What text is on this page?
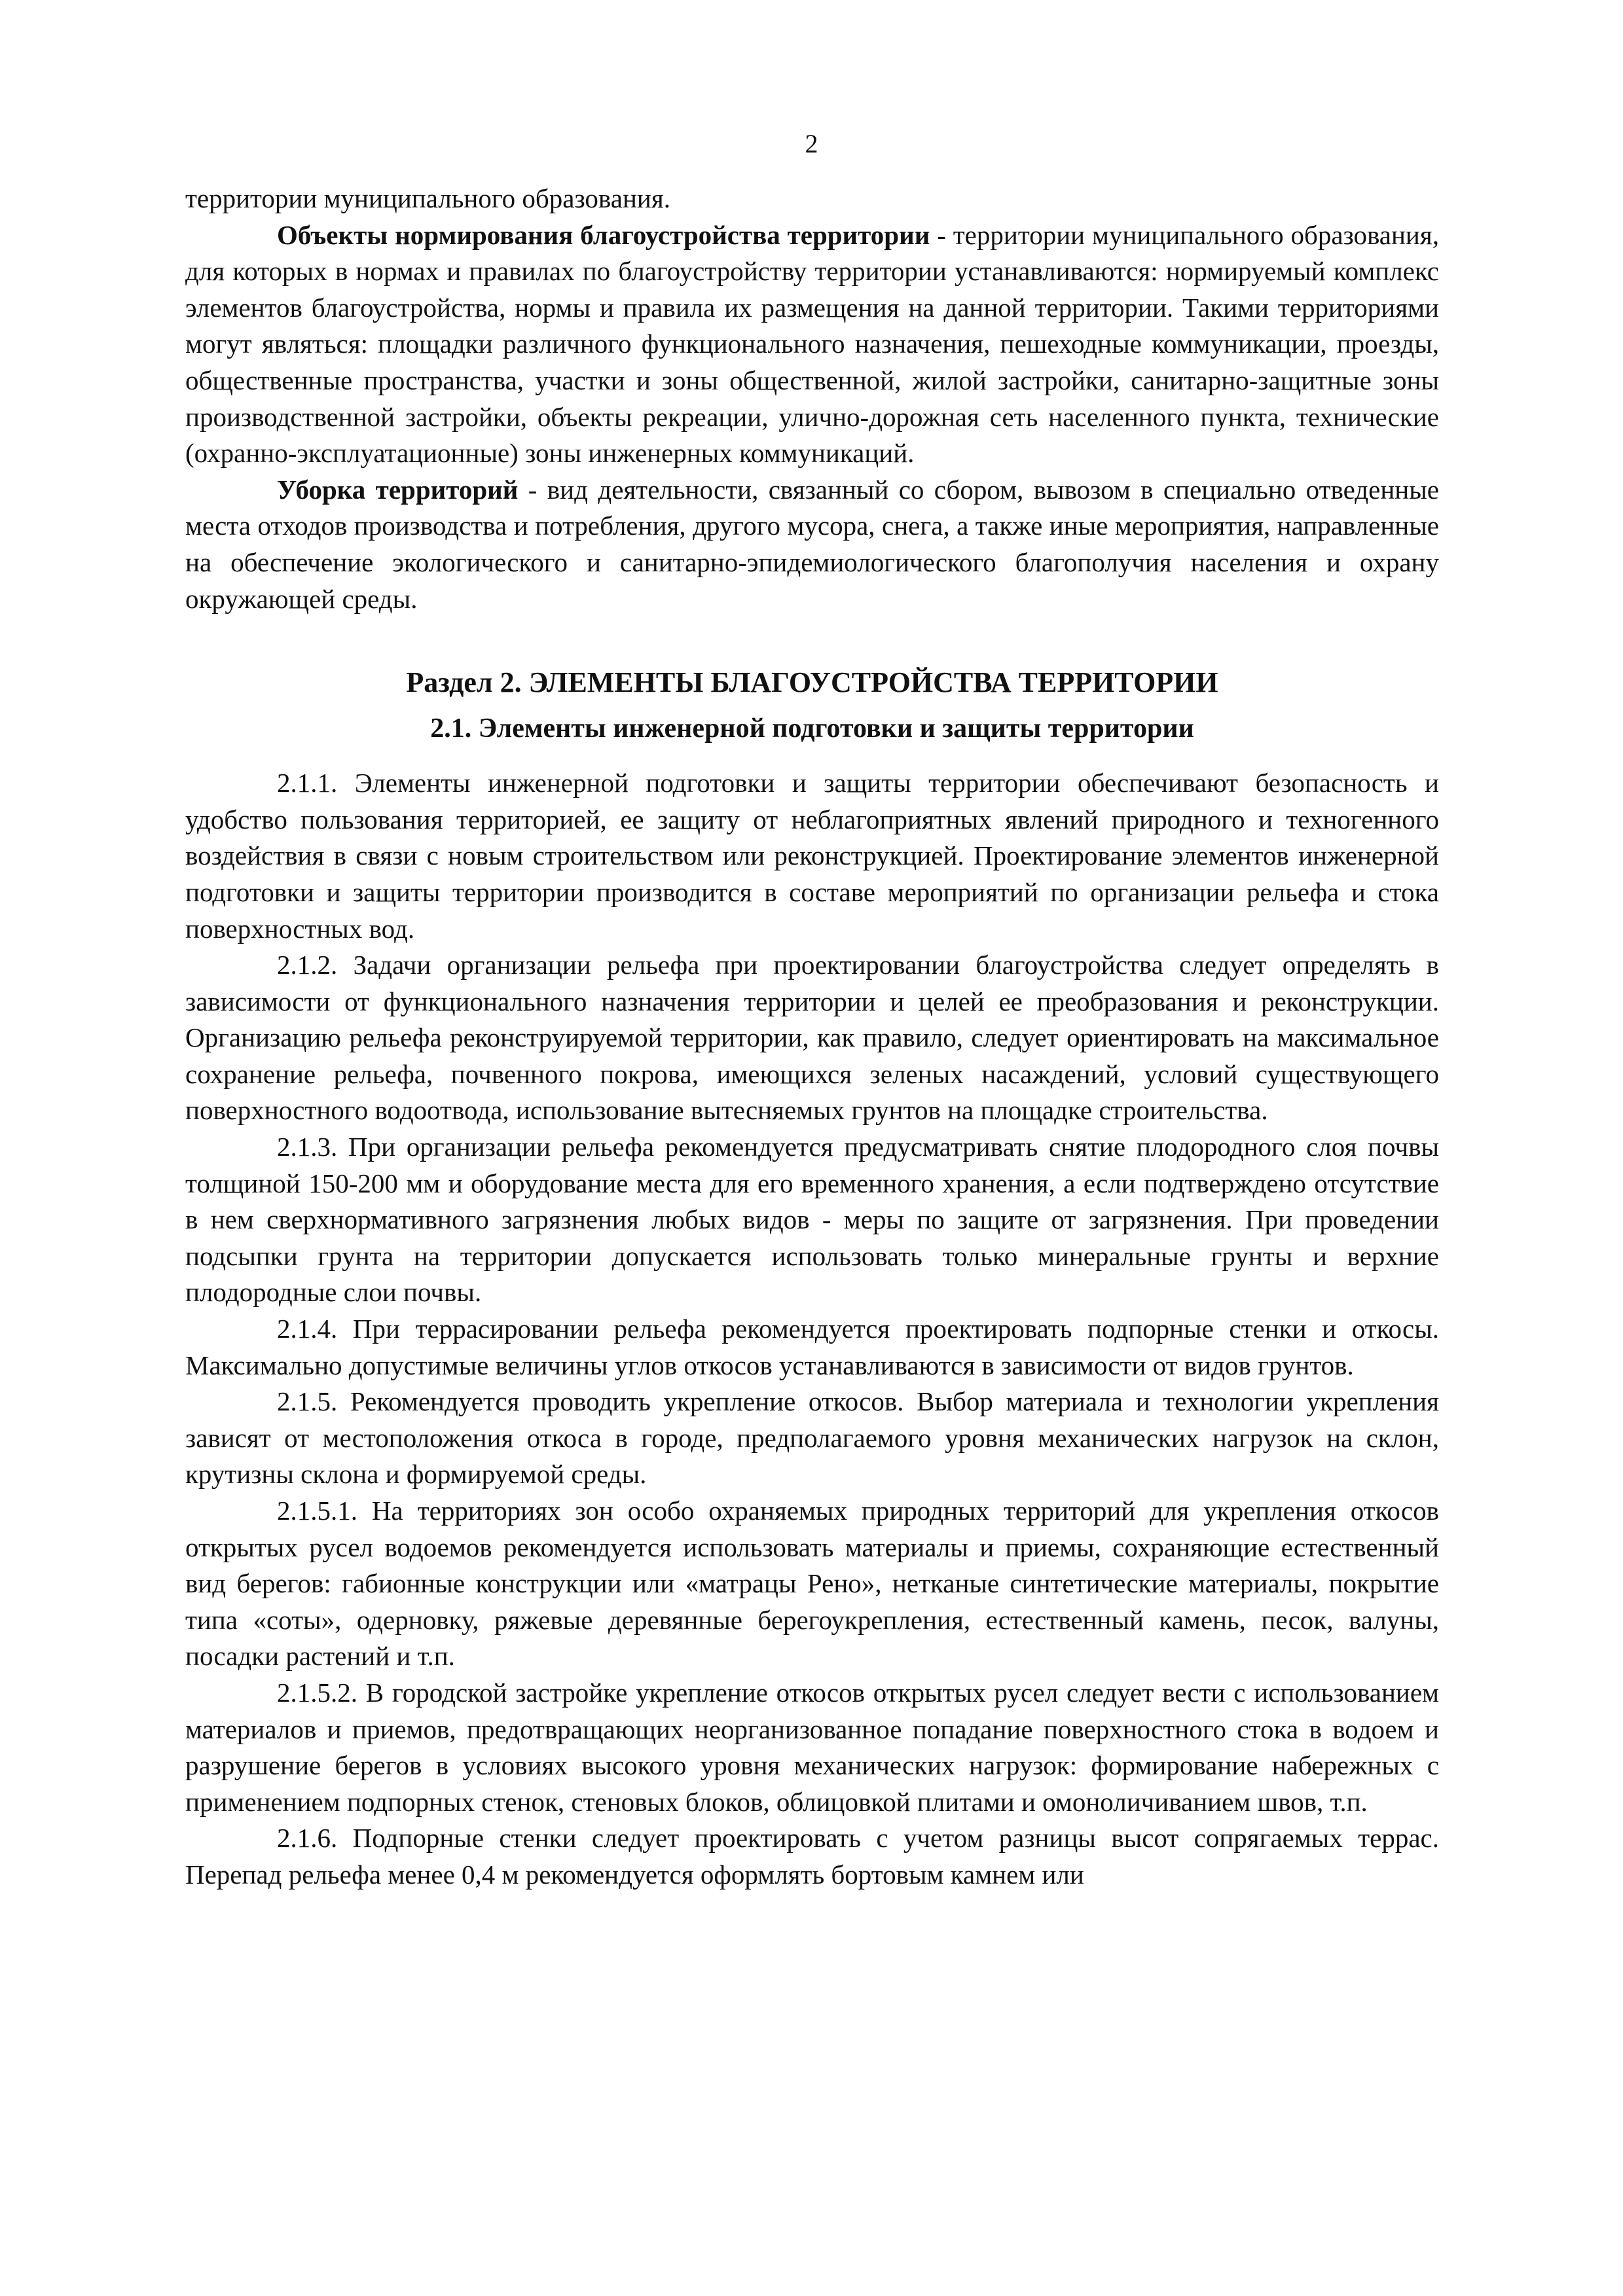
2

территории муниципального образования.

Объекты нормирования благоустройства территории - территории муниципального образования, для которых в нормах и правилах по благоустройству территории устанавливаются: нормируемый комплекс элементов благоустройства, нормы и правила их размещения на данной территории. Такими территориями могут являться: площадки различного функционального назначения, пешеходные коммуникации, проезды, общественные пространства, участки и зоны общественной, жилой застройки, санитарно-защитные зоны производственной застройки, объекты рекреации, улично-дорожная сеть населенного пункта, технические (охранно-эксплуатационные) зоны инженерных коммуникаций.

Уборка территорий - вид деятельности, связанный со сбором, вывозом в специально отведенные места отходов производства и потребления, другого мусора, снега, а также иные мероприятия, направленные на обеспечение экологического и санитарно-эпидемиологического благополучия населения и охрану окружающей среды.

Раздел 2. ЭЛЕМЕНТЫ БЛАГОУСТРОЙСТВА ТЕРРИТОРИИ

2.1. Элементы инженерной подготовки и защиты территории

2.1.1. Элементы инженерной подготовки и защиты территории обеспечивают безопасность и удобство пользования территорией, ее защиту от неблагоприятных явлений природного и техногенного воздействия в связи с новым строительством или реконструкцией. Проектирование элементов инженерной подготовки и защиты территории производится в составе мероприятий по организации рельефа и стока поверхностных вод.

2.1.2. Задачи организации рельефа при проектировании благоустройства следует определять в зависимости от функционального назначения территории и целей ее преобразования и реконструкции. Организацию рельефа реконструируемой территории, как правило, следует ориентировать на максимальное сохранение рельефа, почвенного покрова, имеющихся зеленых насаждений, условий существующего поверхностного водоотвода, использование вытесняемых грунтов на площадке строительства.

2.1.3. При организации рельефа рекомендуется предусматривать снятие плодородного слоя почвы толщиной 150-200 мм и оборудование места для его временного хранения, а если подтверждено отсутствие в нем сверхнормативного загрязнения любых видов - меры по защите от загрязнения. При проведении подсыпки грунта на территории допускается использовать только минеральные грунты и верхние плодородные слои почвы.

2.1.4. При террасировании рельефа рекомендуется проектировать подпорные стенки и откосы. Максимально допустимые величины углов откосов устанавливаются в зависимости от видов грунтов.

2.1.5. Рекомендуется проводить укрепление откосов. Выбор материала и технологии укрепления зависят от местоположения откоса в городе, предполагаемого уровня механических нагрузок на склон, крутизны склона и формируемой среды.

2.1.5.1. На территориях зон особо охраняемых природных территорий для укрепления откосов открытых русел водоемов рекомендуется использовать материалы и приемы, сохраняющие естественный вид берегов: габионные конструкции или «матрацы Рено», нетканые синтетические материалы, покрытие типа «соты», одерновку, ряжевые деревянные берегоукрепления, естественный камень, песок, валуны, посадки растений и т.п.

2.1.5.2. В городской застройке укрепление откосов открытых русел следует вести с использованием материалов и приемов, предотвращающих неорганизованное попадание поверхностного стока в водоем и разрушение берегов в условиях высокого уровня механических нагрузок: формирование набережных с применением подпорных стенок, стеновых блоков, облицовкой плитами и омоноличиванием швов, т.п.

2.1.6. Подпорные стенки следует проектировать с учетом разницы высот сопрягаемых террас. Перепад рельефа менее 0,4 м рекомендуется оформлять бортовым камнем или
